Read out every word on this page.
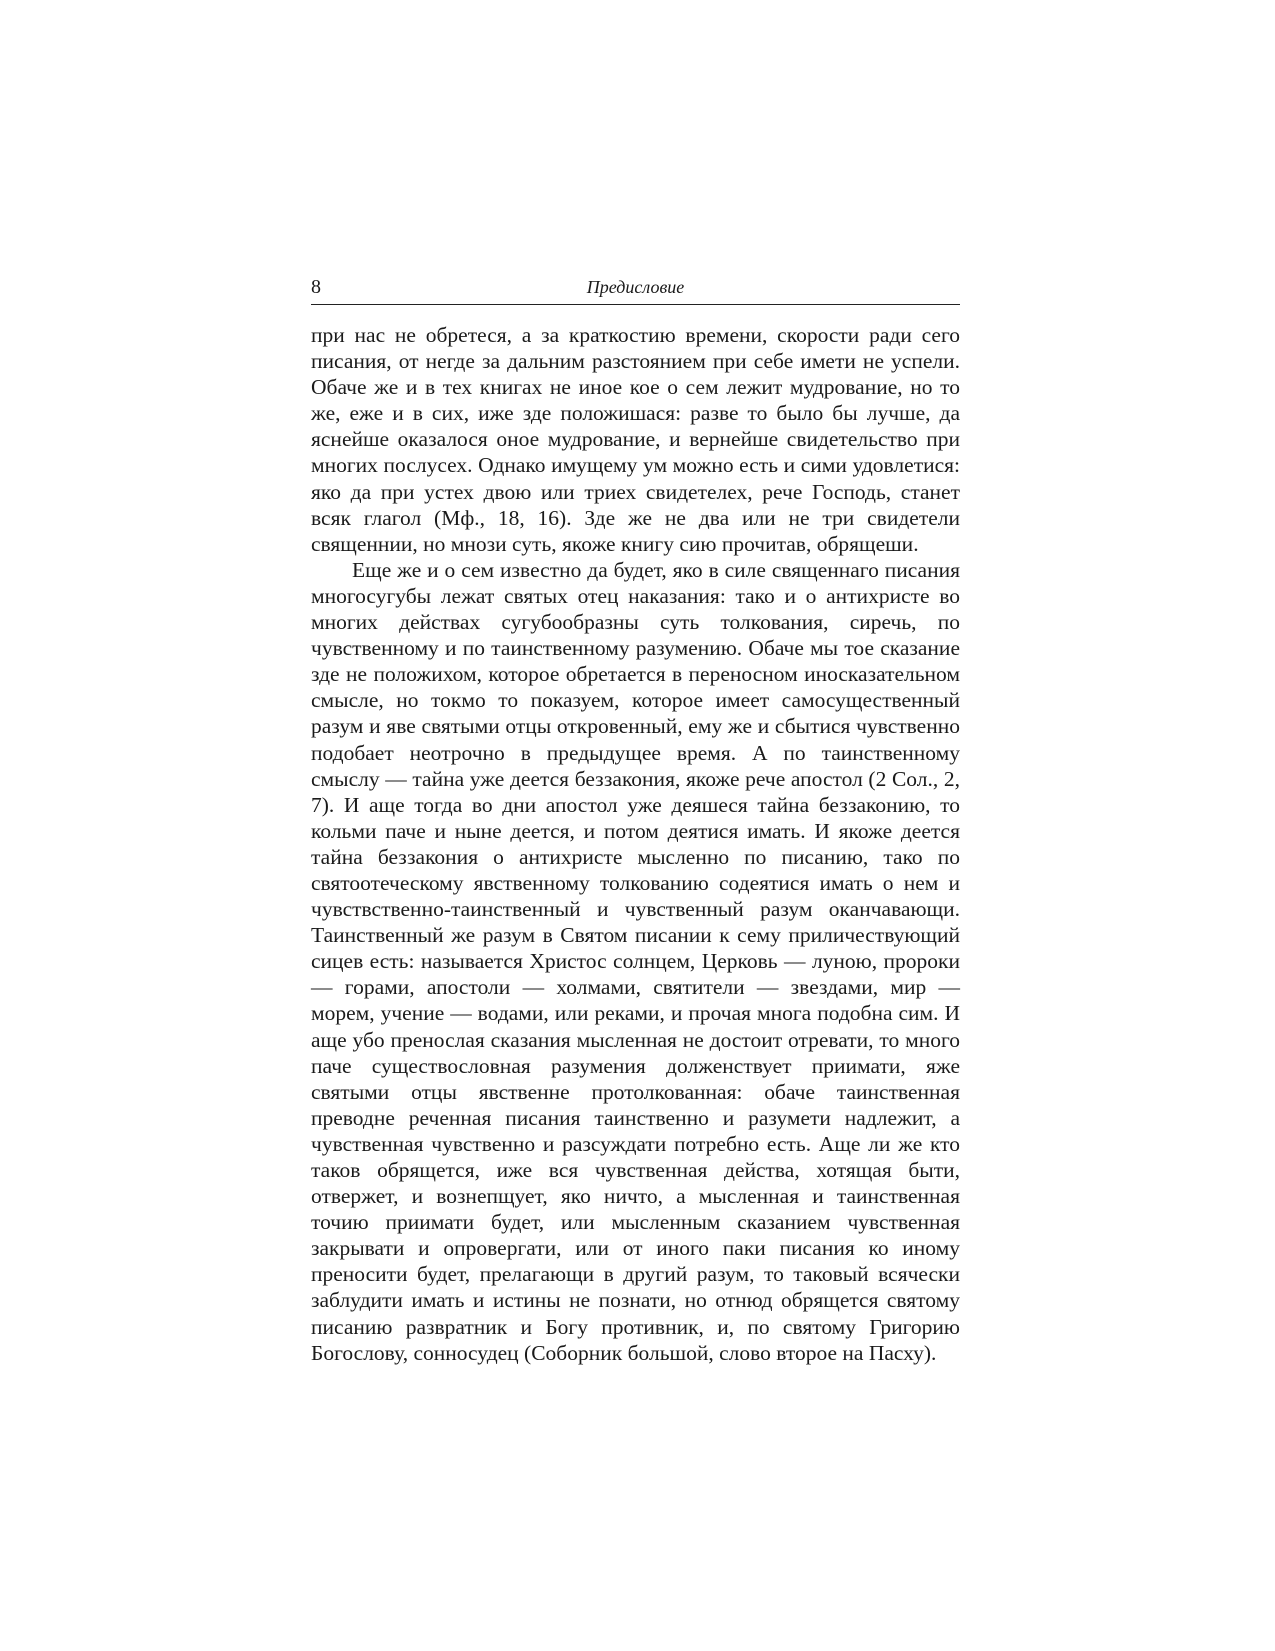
8	Предисловие

при нас не обретеся, а за краткостию времени, скорости ради сего писания, от негде за дальним разстоянием при себе имети не успели. Обаче же и в тех книгах не иное кое о сем лежит мудрование, но то же, еже и в сих, иже зде положишася: разве то было бы лучше, да яснейше оказалося оное мудрование, и вернейше свидетельство при многих послусех. Однако имущему ум можно есть и сими удовлетися: яко да при устех двою или триех свидетелех, рече Господь, станет всяк глагол (Мф., 18, 16). Зде же не два или не три свидетели священнии, но мнози суть, якоже книгу сию прочитав, обрящеши.

Еще же и о сем известно да будет, яко в силе священнаго писания многосугубы лежат святых отец наказания: тако и о антихристе во многих действах сугубообразны суть толкования, сиречь, по чувственному и по таинственному разумению. Обаче мы тое сказание зде не положихом, которое обретается в переносном иносказательном смысле, но токмо то показуем, которое имеет самосущественный разум и яве святыми отцы откровенный, ему же и сбытися чувственно подобает неотрочно в предыдущее время. А по таинственному смыслу — тайна уже деется беззакония, якоже рече апостол (2 Сол., 2, 7). И аще тогда во дни апостол уже деяшеся тайна беззаконию, то кольми паче и ныне деется, и потом деятися имать. И якоже деется тайна беззакония о антихристе мысленно по писанию, тако по святоотеческому явственному толкованию содеятися имать о нем и чувствственно-таинственный и чувственный разум оканчавающи. Таинственный же разум в Святом писании к сему приличествующий сицев есть: называется Христос солнцем, Церковь — луною, пророки — горами, апостоли — холмами, святители — звездами, мир — морем, учение — водами, или реками, и прочая многа подобна сим. И аще убо пренослая сказания мысленная не достоит отревати, то много паче существословная разумения долженствует приимати, яже святыми отцы явственне протолкованная: обаче таинственная преводне реченная писания таинственно и разумети надлежит, а чувственная чувственно и разсуждати потребно есть. Аще ли же кто таков обрящется, иже вся чувственная действа, хотящая быти, отвержет, и вознепщует, яко ничто, а мысленная и таинственная точию приимати будет, или мысленным сказанием чувственная закрывати и опровергати, или от иного паки писания ко иному преносити будет, прелагающи в другий разум, то таковый всячески заблудити имать и истины не познати, но отнюд обрящется святому писанию развратник и Богу противник, и, по святому Григорию Богослову, сонносудец (Соборник большой, слово второе на Пасху).
